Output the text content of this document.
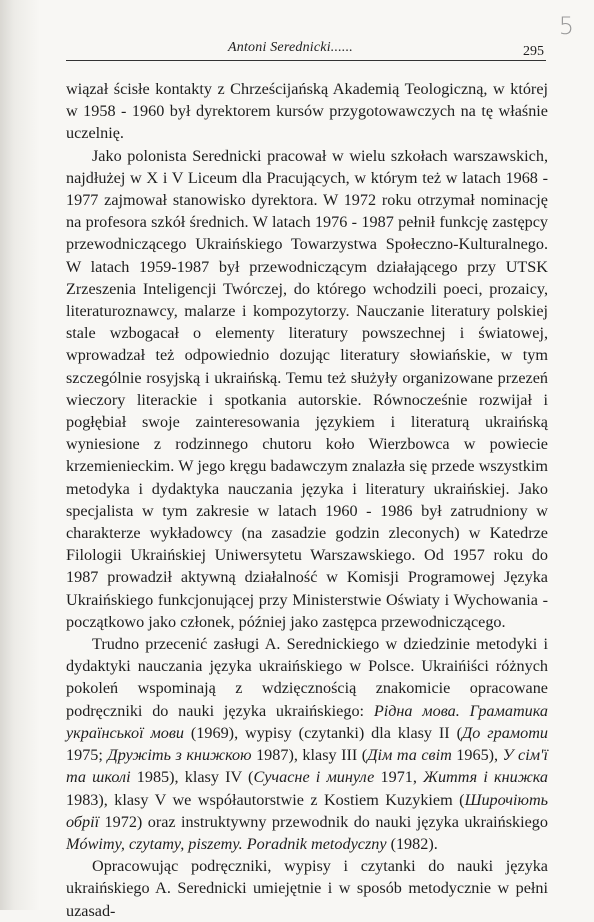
5
Antoni Serednicki......	295

wiązał ścisłe kontakty z Chrześcijańską Akademią Teologiczną, w której w 1958 - 1960 był dyrektorem kursów przygotowawczych na tę właśnie uczelnię.

Jako polonista Serednicki pracował w wielu szkołach warszawskich, najdłużej w X i V Liceum dla Pracujących, w którym też w latach 1968 - 1977 zajmował stanowisko dyrektora. W 1972 roku otrzymał nominację na profesora szkół średnich. W latach 1976 - 1987 pełnił funkcję zastępcy przewodniczącego Ukraińskiego Towarzystwa Społeczno-Kulturalnego. W latach 1959-1987 był przewodniczącym działającego przy UTSK Zrzeszenia Inteligencji Twórczej, do którego wchodzili poeci, prozaicy, literaturoznawcy, malarze i kompozytorzy. Nauczanie literatury polskiej stale wzbogacał o elementy literatury powszechnej i światowej, wprowadzał też odpowiednio dozując literatury słowiańskie, w tym szczególnie rosyjską i ukraińską. Temu też służyły organizowane przezeń wieczory literackie i spotkania autorskie. Równocześnie rozwijał i pogłębiał swoje zainteresowania językiem i literaturą ukraińską wyniesione z rodzinnego chutoru koło Wierzbowca w powiecie krzemienieckim. W jego kręgu badawczym znalazła się przede wszystkim metodyka i dydaktyka nauczania języka i literatury ukraińskiej. Jako specjalista w tym zakresie w latach 1960 - 1986 był zatrudniony w charakterze wykładowcy (na zasadzie godzin zleconych) w Katedrze Filologii Ukraińskiej Uniwersytetu Warszawskiego. Od 1957 roku do 1987 prowadził aktywną działalność w Komisji Programowej Języka Ukraińskiego funkcjonującej przy Ministerstwie Oświaty i Wychowania - początkowo jako członek, później jako zastępca przewodniczącego.

Trudno przecenić zasługi A. Serednickiego w dziedzinie metodyki i dydaktyki nauczania języka ukraińskiego w Polsce. Ukraińiści różnych pokoleń wspominają z wdzięcznością znakomicie opracowane podręczniki do nauki języka ukraińskiego: Рідна мова. Граматика української мови (1969), wypisy (czytanki) dla klasy II (До грамоти 1975; Дружіть з книжкою 1987), klasy III (Дім та світ 1965), У сім'ї та школі 1985), klasy IV (Сучасне і минуле 1971, Життя і книжка 1983), klasy V we współautorstwie z Kostiem Kuzykiem (Широчіють обрії 1972) oraz instruktywny przewodnik do nauki języka ukraińskiego Mówimy, czytamy, piszemy. Poradnik metodyczny (1982).

Opracowując podręczniki, wypisy i czytanki do nauki języka ukraińskiego A. Serednicki umiejętnie i w sposób metodycznie w pełni uzasad-
